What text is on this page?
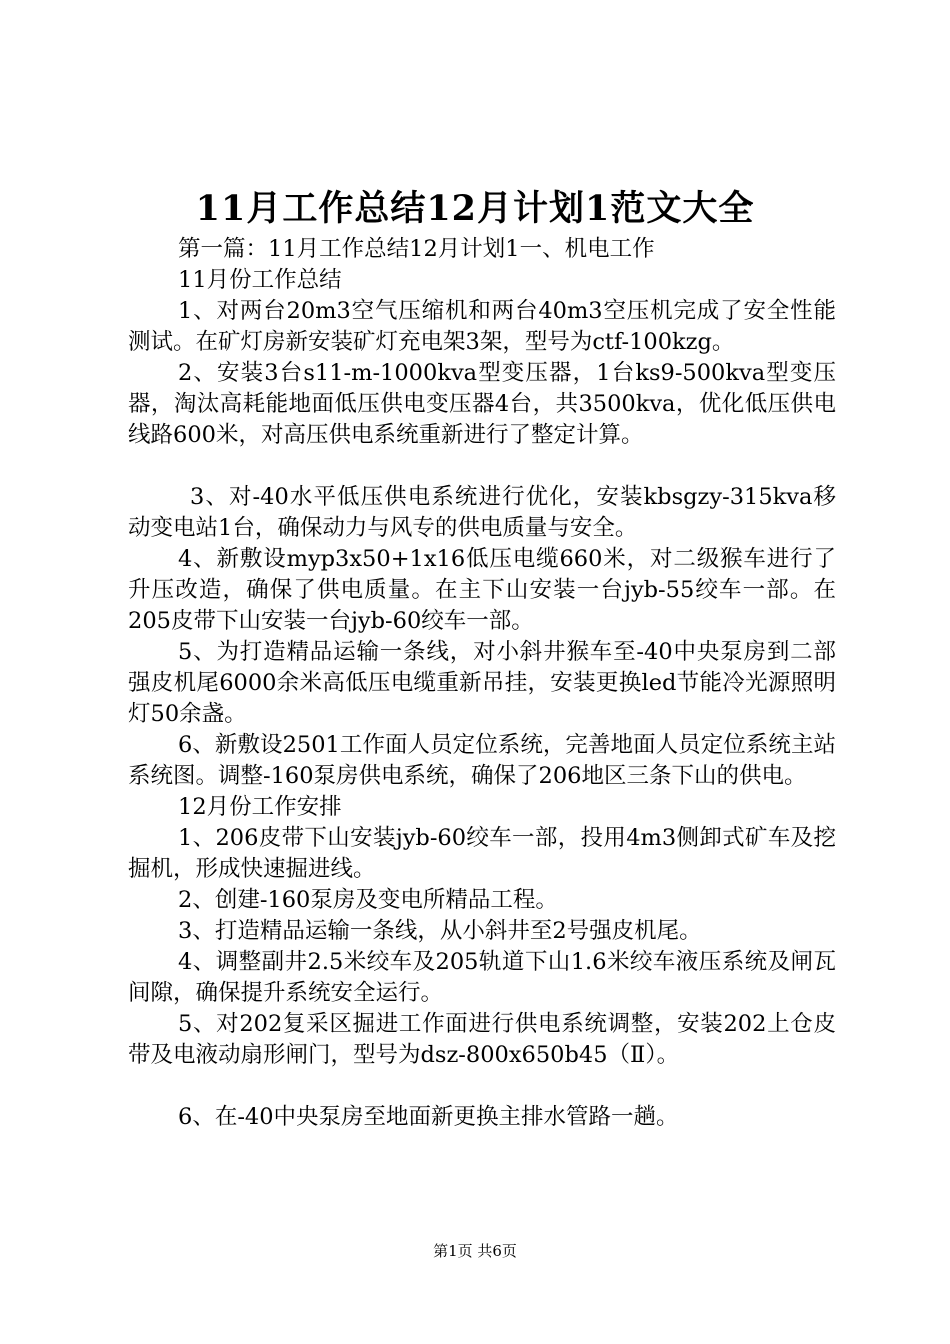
11月工作总结12月计划1范文大全

第一篇：11月工作总结12月计划1一、机电工作

11月份工作总结

1、对两台20m3空气压缩机和两台40m3空压机完成了安全性能测试。在矿灯房新安装矿灯充电架3架，型号为ctf-100kzg。

2、安装3台s11-m-1000kva型变压器，1台ks9-500kva型变压器，淘汰高耗能地面低压供电变压器4台，共3500kva，优化低压供电线路600米，对高压供电系统重新进行了整定计算。

3、对-40水平低压供电系统进行优化，安装kbsgzy-315kva移动变电站1台，确保动力与风专的供电质量与安全。

4、新敷设myp3x50+1x16低压电缆660米，对二级猴车进行了升压改造，确保了供电质量。在主下山安装一台jyb-55绞车一部。在205皮带下山安装一台jyb-60绞车一部。

5、为打造精品运输一条线，对小斜井猴车至-40中央泵房到二部强皮机尾6000余米高低压电缆重新吊挂，安装更换led节能冷光源照明灯50余盏。

6、新敷设2501工作面人员定位系统，完善地面人员定位系统主站系统图。调整-160泵房供电系统，确保了206地区三条下山的供电。

12月份工作安排

1、206皮带下山安装jyb-60绞车一部，投用4m3侧卸式矿车及挖掘机，形成快速掘进线。

2、创建-160泵房及变电所精品工程。

3、打造精品运输一条线，从小斜井至2号强皮机尾。

4、调整副井2.5米绞车及205轨道下山1.6米绞车液压系统及闸瓦间隙，确保提升系统安全运行。

5、对202复采区掘进工作面进行供电系统调整，安装202上仓皮带及电液动扇形闸门，型号为dsz-800x650b45（Ⅱ）。

6、在-40中央泵房至地面新更换主排水管路一趟。

第1页 共6页
